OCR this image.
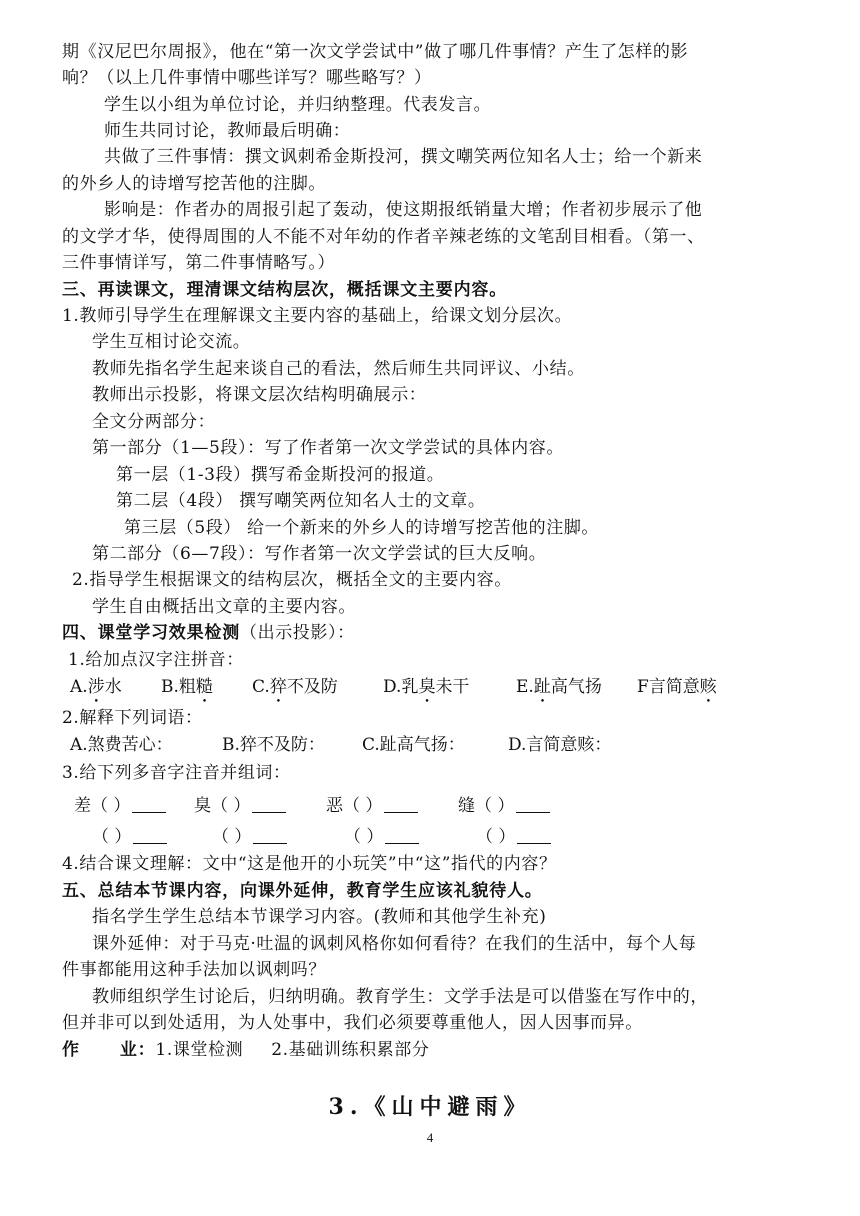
期《汉尼巴尔周报》，他在“第一次文学尝试中”做了哪几件事情？产生了怎样的影
响？（以上几件事情中哪些详写？哪些略写？）
学生以小组为单位讨论，并归纳整理。代表发言。
师生共同讨论，教师最后明确：
共做了三件事情：撰文讽刺希金斯投河，撰文嘲笑两位知名人士；给一个新来
的外乡人的诗增写挖苦他的注脚。
影响是：作者办的周报引起了轰动，使这期报纸销量大增；作者初步展示了他
的文学才华，使得周围的人不能不对年幼的作者辛辣老练的文笔刮目相看。（第一、
三件事情详写，第二件事情略写。）
三、再读课文，理清课文结构层次，概括课文主要内容。
1.教师引导学生在理解课文主要内容的基础上，给课文划分层次。
学生互相讨论交流。
教师先指名学生起来谈自己的看法，然后师生共同评议、小结。
教师出示投影，将课文层次结构明确展示：
全文分两部分：
第一部分（1—5段）：写了作者第一次文学尝试的具体内容。
第一层（1-3段）撰写希金斯投河的报道。
第二层（4段） 撰写嘲笑两位知名人士的文章。
第三层（5段） 给一个新来的外乡人的诗增写挖苦他的注脚。
第二部分（6—7段）：写作者第一次文学尝试的巨大反响。
2.指导学生根据课文的结构层次，概括全文的主要内容。
学生自由概括出文章的主要内容。
四、课堂学习效果检测（出示投影）：
1.给加点汉字注拼音：
A.涉水 B.粗糙 C.猝不及防	D.乳臭未干	E.趾高气扬 F言简意赅
2.解释下列词语：
A.煞费苦心：	B.猝不及防： C.趾高气扬：	D.言简意赅：
3.给下列多音字注音并组词：
差（ ）	臭（ ）	恶（ ）	缝（ ）
（ ）	（ ）	（ ）	（ ）
4.结合课文理解：文中“这是他开的小玩笑”中“这”指代的内容？
五、总结本节课内容，向课外延伸，教育学生应该礼貌待人。
指名学生学生总结本节课学习内容。(教师和其他学生补充)
课外延伸：对于马克·吐温的讽刺风格你如何看待？在我们的生活中，每个人每
件事都能用这种手法加以讽刺吗？
教师组织学生讨论后，归纳明确。教育学生：文学手法是可以借鉴在写作中的，
但并非可以到处适用，为人处事中，我们必须要尊重他人，因人因事而异。
作 业：1.课堂检测 2.基础训练积累部分
3.《山中避雨》
4
